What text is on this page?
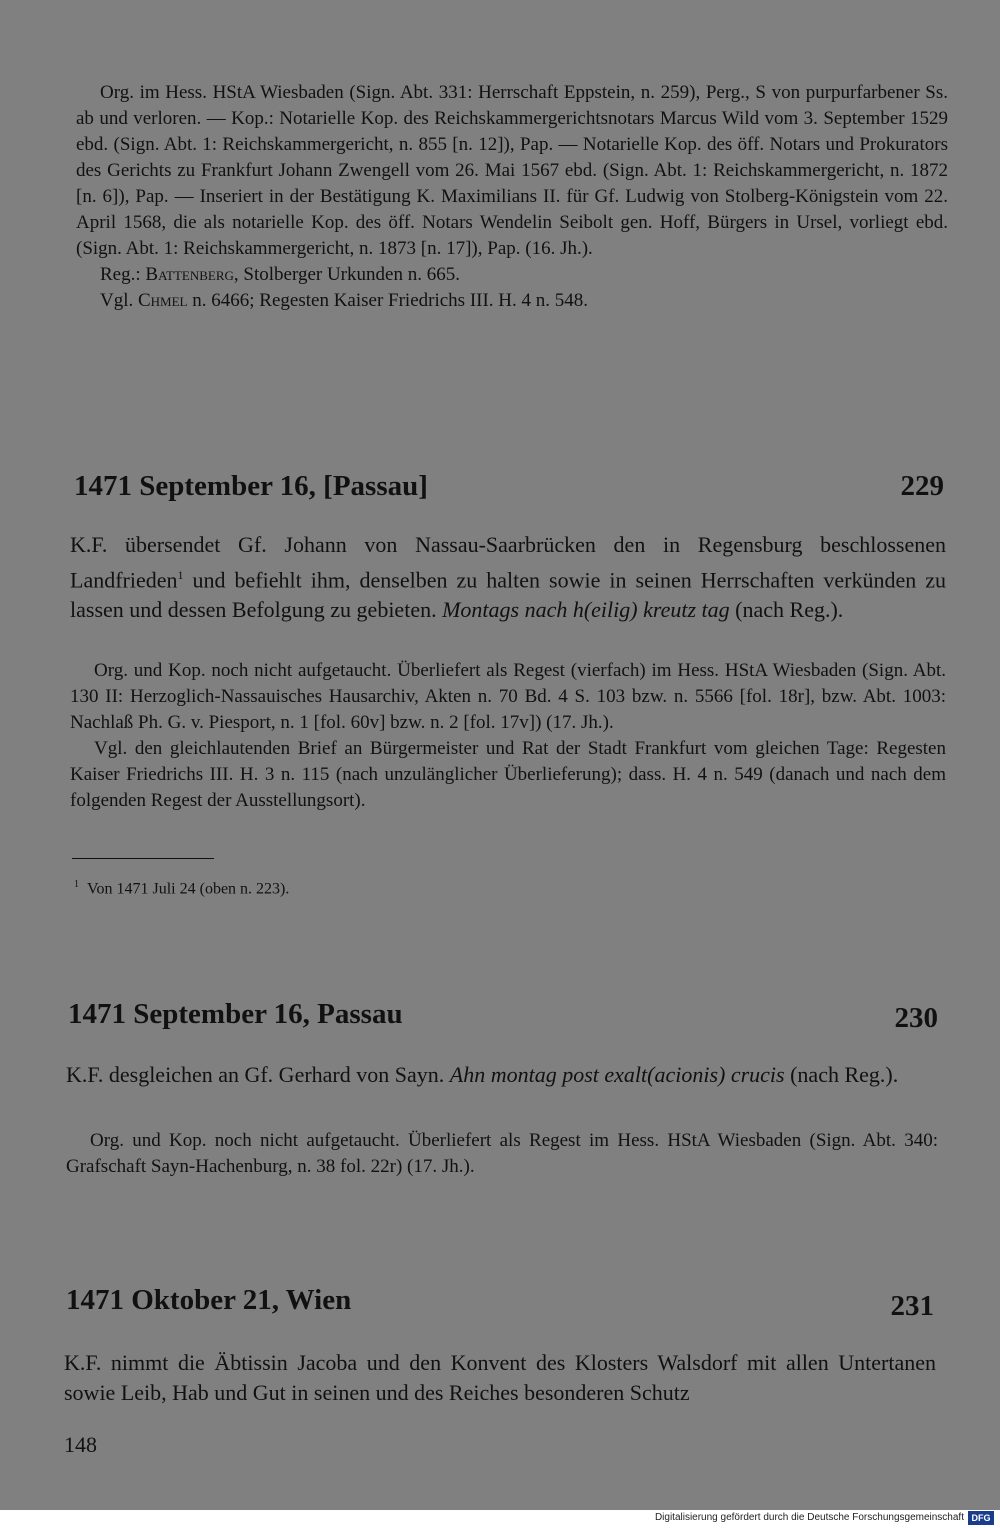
Org. im Hess. HStA Wiesbaden (Sign. Abt. 331: Herrschaft Eppstein, n. 259), Perg., S von purpurfarbener Ss. ab und verloren. — Kop.: Notarielle Kop. des Reichskammergerichtsnotars Marcus Wild vom 3. September 1529 ebd. (Sign. Abt. 1: Reichskammergericht, n. 855 [n. 12]), Pap. — Notarielle Kop. des öff. Notars und Prokurators des Gerichts zu Frankfurt Johann Zwengell vom 26. Mai 1567 ebd. (Sign. Abt. 1: Reichskammergericht, n. 1872 [n. 6]), Pap. — Inseriert in der Bestätigung K. Maximilians II. für Gf. Ludwig von Stolberg-Königstein vom 22. April 1568, die als notarielle Kop. des öff. Notars Wendelin Seibolt gen. Hoff, Bürgers in Ursel, vorliegt ebd. (Sign. Abt. 1: Reichskammergericht, n. 1873 [n. 17]), Pap. (16. Jh.).

Reg.: Battenberg, Stolberger Urkunden n. 665.

Vgl. Chmel n. 6466; Regesten Kaiser Friedrichs III. H. 4 n. 548.

1471 September 16, [Passau]	229

K.F. übersendet Gf. Johann von Nassau-Saarbrücken den in Regensburg beschlossenen Landfrieden$^1$ und befiehlt ihm, denselben zu halten sowie in seinen Herrschaften verkünden zu lassen und dessen Befolgung zu gebieten. Montags nach h(eilig) kreutz tag (nach Reg.).

Org. und Kop. noch nicht aufgetaucht. Überliefert als Regest (vierfach) im Hess. HStA Wiesbaden (Sign. Abt. 130 II: Herzoglich-Nassauisches Hausarchiv, Akten n. 70 Bd. 4 S. 103 bzw. n. 5566 [fol. 18r], bzw. Abt. 1003: Nachlaß Ph. G. v. Piesport, n. 1 [fol. 60v] bzw. n. 2 [fol. 17v]) (17. Jh.).

Vgl. den gleichlautenden Brief an Bürgermeister und Rat der Stadt Frankfurt vom gleichen Tage: Regesten Kaiser Friedrichs III. H. 3 n. 115 (nach unzulänglicher Überlieferung); dass. H. 4 n. 549 (danach und nach dem folgenden Regest der Ausstellungsort).

$^1$ Von 1471 Juli 24 (oben n. 223).
1471 September 16, Passau	230

K.F. desgleichen an Gf. Gerhard von Sayn. Ahn montag post exalt(acionis) crucis (nach Reg.).

Org. und Kop. noch nicht aufgetaucht. Überliefert als Regest im Hess. HStA Wiesbaden (Sign. Abt. 340: Grafschaft Sayn-Hachenburg, n. 38 fol. 22r) (17. Jh.).

1471 Oktober 21, Wien	231

K.F. nimmt die Äbtissin Jacoba und den Konvent des Klosters Walsdorf mit allen Untertanen sowie Leib, Hab und Gut in seinen und des Reiches besonderen Schutz

148
Digitalisierung gefördert durch die Deutsche Forschungsgemeinschaft DFG
